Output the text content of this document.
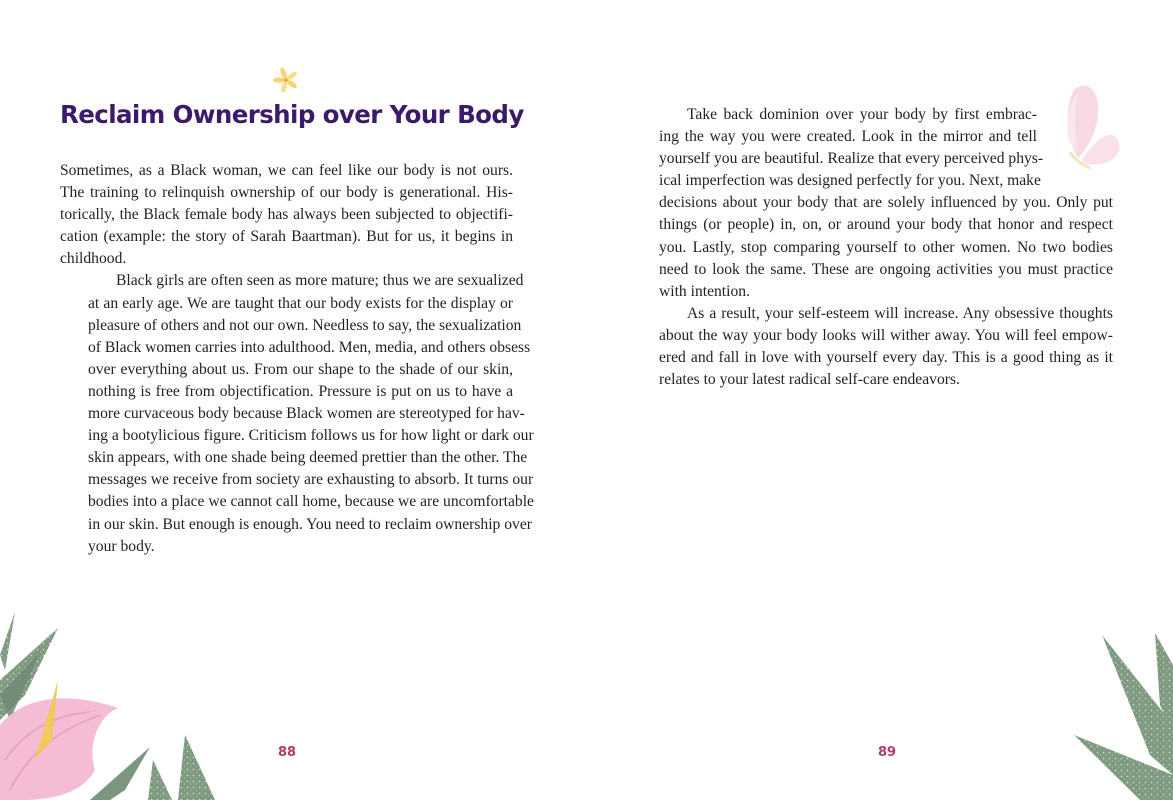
Reclaim Ownership over Your Body

Sometimes, as a Black woman, we can feel like our body is not ours.
The training to relinquish ownership of our body is generational. His-
torically, the Black female body has always been subjected to objectifi-
cation (example: the story of Sarah Baartman). But for us, it begins in
childhood.

Black girls are often seen as more mature; thus we are sexualized
at an early age. We are taught that our body exists for the display or
pleasure of others and not our own. Needless to say, the sexualization
of Black women carries into adulthood. Men, media, and others obsess
over everything about us. From our shape to the shade of our skin,
nothing is free from objectification. Pressure is put on us to have a
more curvaceous body because Black women are stereotyped for hav-
ing a bootylicious figure. Criticism follows us for how light or dark our
skin appears, with one shade being deemed prettier than the other. The
messages we receive from society are exhausting to absorb. It turns our
bodies into a place we cannot call home, because we are uncomfortable
in our skin. But enough is enough. You need to reclaim ownership over
your body.

88

Take back dominion over your body by first embrac-
ing the way you were created. Look in the mirror and tell
yourself you are beautiful. Realize that every perceived phys-
ical imperfection was designed perfectly for you. Next, make
decisions about your body that are solely influenced by you. Only put
things (or people) in, on, or around your body that honor and respect
you. Lastly, stop comparing yourself to other women. No two bodies
need to look the same. These are ongoing activities you must practice
with intention.

As a result, your self-esteem will increase. Any obsessive thoughts
about the way your body looks will wither away. You will feel empow-
ered and fall in love with yourself every day. This is a good thing as it
relates to your latest radical self-care endeavors.

89
